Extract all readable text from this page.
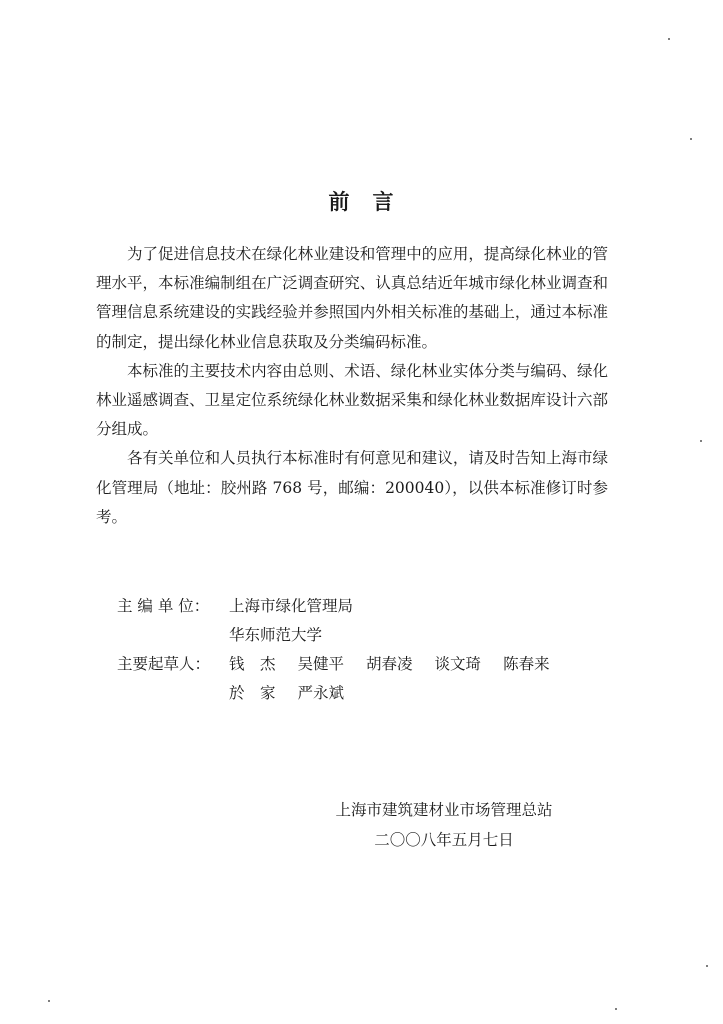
前 言

为了促进信息技术在绿化林业建设和管理中的应用，提高绿化林业的管理水平，本标准编制组在广泛调查研究、认真总结近年城市绿化林业调查和管理信息系统建设的实践经验并参照国内外相关标准的基础上，通过本标准的制定，提出绿化林业信息获取及分类编码标准。

本标准的主要技术内容由总则、术语、绿化林业实体分类与编码、绿化林业遥感调查、卫星定位系统绿化林业数据采集和绿化林业数据库设计六部分组成。

各有关单位和人员执行本标准时有何意见和建议，请及时告知上海市绿化管理局（地址：胶州路 768 号，邮编：200040），以供本标准修订时参考。

主 编 单 位：	上海市绿化管理局
华东师范大学
主要起草人：	钱　杰 吴健平 胡春凌 谈文琦 陈春来
於　家 严永斌
上海市建筑建材业市场管理总站
二〇〇八年五月七日
